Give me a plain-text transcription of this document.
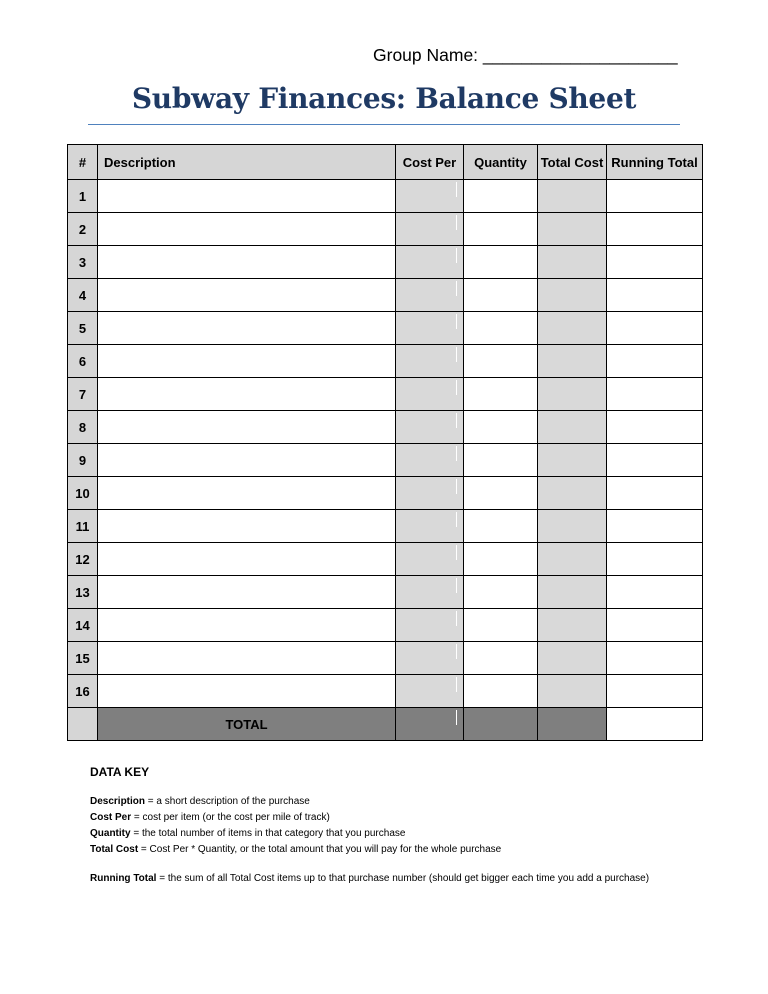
Group Name: ____________________
Subway Finances: Balance Sheet
#	Description	Cost Per	Quantity	Total Cost	Running Total
1					
2					
3					
4					
5					
6					
7					
8					
9					
10					
11					
12					
13					
14					
15					
16					
	TOTAL				
DATA KEY
Description = a short description of the purchase
Cost Per = cost per item (or the cost per mile of track)
Quantity = the total number of items in that category that you purchase
Total Cost = Cost Per * Quantity, or the total amount that you will pay for the whole purchase
Running Total = the sum of all Total Cost items up to that purchase number (should get bigger each time you add a purchase)
